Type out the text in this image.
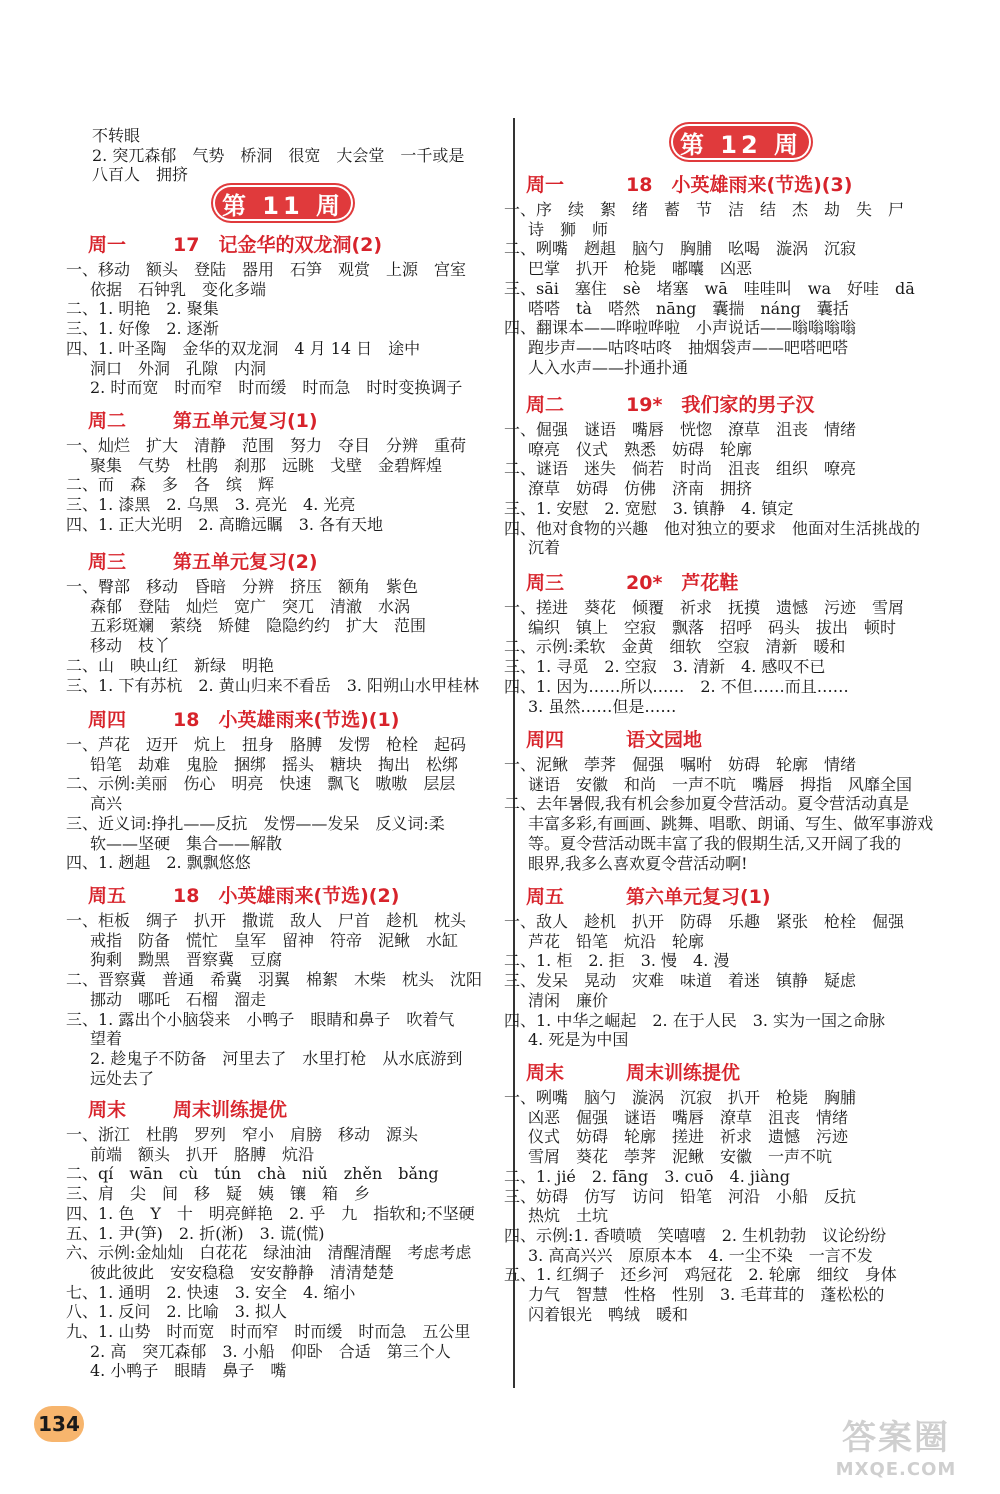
不转眼
2. 突兀森郁　气势　桥洞　很宽　大会堂　一千或是
八百人　拥挤
第 11 周
周一 17　记金华的双龙洞(2)
一、移动　额头　登陆　器用　石笋　观赏　上源　宫室
依据　石钟乳　变化多端
二、1. 明艳　2. 聚集
三、1. 好像　2. 逐渐
四、1. 叶圣陶　金华的双龙洞　4 月 14 日　途中
洞口　外洞　孔隙　内洞
2. 时而宽　时而窄　时而缓　时而急　时时变换调子
周二 第五单元复习(1)
一、灿烂　扩大　清静　范围　努力　夺目　分辨　重荷
聚集　气势　杜鹃　刹那　远眺　戈壁　金碧辉煌
二、而　森　多　各　缤　辉
三、1. 漆黑　2. 乌黑　3. 亮光　4. 光亮
四、1. 正大光明　2. 高瞻远瞩　3. 各有天地
周三 第五单元复习(2)
一、臀部　移动　昏暗　分辨　挤压　额角　紫色
森郁　登陆　灿烂　宽广　突兀　清澈　水涡
五彩斑斓　萦绕　矫健　隐隐约约　扩大　范围
移动　枝丫
二、山　映山红　新绿　明艳
三、1. 下有苏杭　2. 黄山归来不看岳　3. 阳朔山水甲桂林
周四 18　小英雄雨来(节选)(1)
一、芦花　迈开　炕上　扭身　胳膊　发愣　枪栓　起码
铅笔　劫难　鬼脸　捆绑　摇头　糖块　掏出　松绑
二、示例:美丽　伤心　明亮　快速　飘飞　嗷嗷　层层
高兴
三、近义词:挣扎——反抗　发愣——发呆　反义词:柔
软——坚硬　集合——解散
四、1. 趔趄　2. 飘飘悠悠
周五 18　小英雄雨来(节选)(2)
一、柜板　绸子　扒开　撒谎　敌人　尸首　趁机　枕头
戒指　防备　慌忙　皇军　留神　符帝　泥鳅　水缸
狗剩　黝黑　晋察冀　豆腐
二、晋察冀　普通　希冀　羽翼　棉絮　木柴　枕头　沈阳
挪动　哪吒　石榴　溜走
三、1. 露出个小脑袋来　小鸭子　眼睛和鼻子　吹着气
望着
2. 趁鬼子不防备　河里去了　水里打枪　从水底游到
远处去了
周末 周末训练提优
一、浙江　杜鹃　罗列　窄小　肩膀　移动　源头
前端　额头　扒开　胳膊　炕沿
二、qí　wān　cù　tún　chà　niǔ　zhěn　bǎng
三、肩　尖　间　移　疑　姨　镶　箱　乡
四、1. 色　Y　十　明亮鲜艳　2. 乎　九　指软和;不坚硬
五、1. 尹(笋)　2. 折(淅)　3. 谎(慌)
六、示例:金灿灿　白花花　绿油油　清醒清醒　考虑考虑
彼此彼此　安安稳稳　安安静静　清清楚楚
七、1. 通明　2. 快速　3. 安全　4. 缩小
八、1. 反问　2. 比喻　3. 拟人
九、1. 山势　时而宽　时而窄　时而缓　时而急　五公里
2. 高　突兀森郁　3. 小船　仰卧　合适　第三个人
4. 小鸭子　眼睛　鼻子　嘴
第 12 周
周一	18　小英雄雨来(节选)(3)
一、序　续　絮　绪　蓄　节　洁　结　杰　劫　失　尸
诗　狮　师
二、咧嘴　趔趄　脑勺　胸脯　吆喝　漩涡　沉寂
巴掌　扒开　枪毙　嘟囔　凶恶
三、sāi　塞住　sè　堵塞　wā　哇哇叫　wa　好哇　dā
嗒嗒　tà　嗒然　nāng　囊揣　náng　囊括
四、翻课本——哗啦哗啦　小声说话——嗡嗡嗡嗡
跑步声——咕咚咕咚　抽烟袋声——吧嗒吧嗒
人入水声——扑通扑通
周二	19*　我们家的男子汉
一、倔强　谜语　嘴唇　恍惚　潦草　沮丧　情绪
嘹亮　仪式　熟悉　妨碍　轮廓
二、谜语　迷失　倘若　时尚　沮丧　组织　嘹亮
潦草　妨碍　仿佛　济南　拥挤
三、1. 安慰　2. 宽慰　3. 镇静　4. 镇定
四、他对食物的兴趣　他对独立的要求　他面对生活挑战的
沉着
周三	20*　芦花鞋
一、搓进　葵花　倾覆　祈求　抚摸　遗憾　污迹　雪屑
编织　镇上　空寂　飘落　招呼　码头　拔出　顿时
二、示例:柔软　金黄　细软　空寂　清新　暖和
三、1. 寻觅　2. 空寂　3. 清新　4. 感叹不已
四、1. 因为……所以……　2. 不但……而且……
3. 虽然……但是……
周四	语文园地
一、泥鳅　荸荠　倔强　嘱咐　妨碍　轮廓　情绪
谜语　安徽　和尚　一声不吭　嘴唇　拇指　风靡全国
二、去年暑假,我有机会参加夏令营活动。夏令营活动真是
丰富多彩,有画画、跳舞、唱歌、朗诵、写生、做军事游戏
等。夏令营活动既丰富了我的假期生活,又开阔了我的
眼界,我多么喜欢夏令营活动啊!
周五	第六单元复习(1)
一、敌人　趁机　扒开　防碍　乐趣　紧张　枪栓　倔强
芦花　铅笔　炕沿　轮廓
二、1. 柜　2. 拒　3. 慢　4. 漫
三、发呆　晃动　灾难　味道　着迷　镇静　疑虑
清闲　廉价
四、1. 中华之崛起　2. 在于人民　3. 实为一国之命脉
4. 死是为中国
周末	周末训练提优
一、咧嘴　脑勺　漩涡　沉寂　扒开　枪毙　胸脯
凶恶　倔强　谜语　嘴唇　潦草　沮丧　情绪
仪式　妨碍　轮廓　搓进　祈求　遗憾　污迹
雪屑　葵花　荸荠　泥鳅　安徽　一声不吭
二、1. jié　2. fāng　3. cuō　4. jiàng
三、妨碍　仿写　访问　铅笔　河沿　小船　反抗
热炕　土坑
四、示例:1. 香喷喷　笑嘻嘻　2. 生机勃勃　议论纷纷
3. 高高兴兴　原原本本　4. 一尘不染　一言不发
五、1. 红绸子　还乡河　鸡冠花　2. 轮廓　细纹　身体
力气　智慧　性格　性别　3. 毛茸茸的　蓬松松的
闪着银光　鸭绒　暖和
134	答案圈
MXQE.COM
